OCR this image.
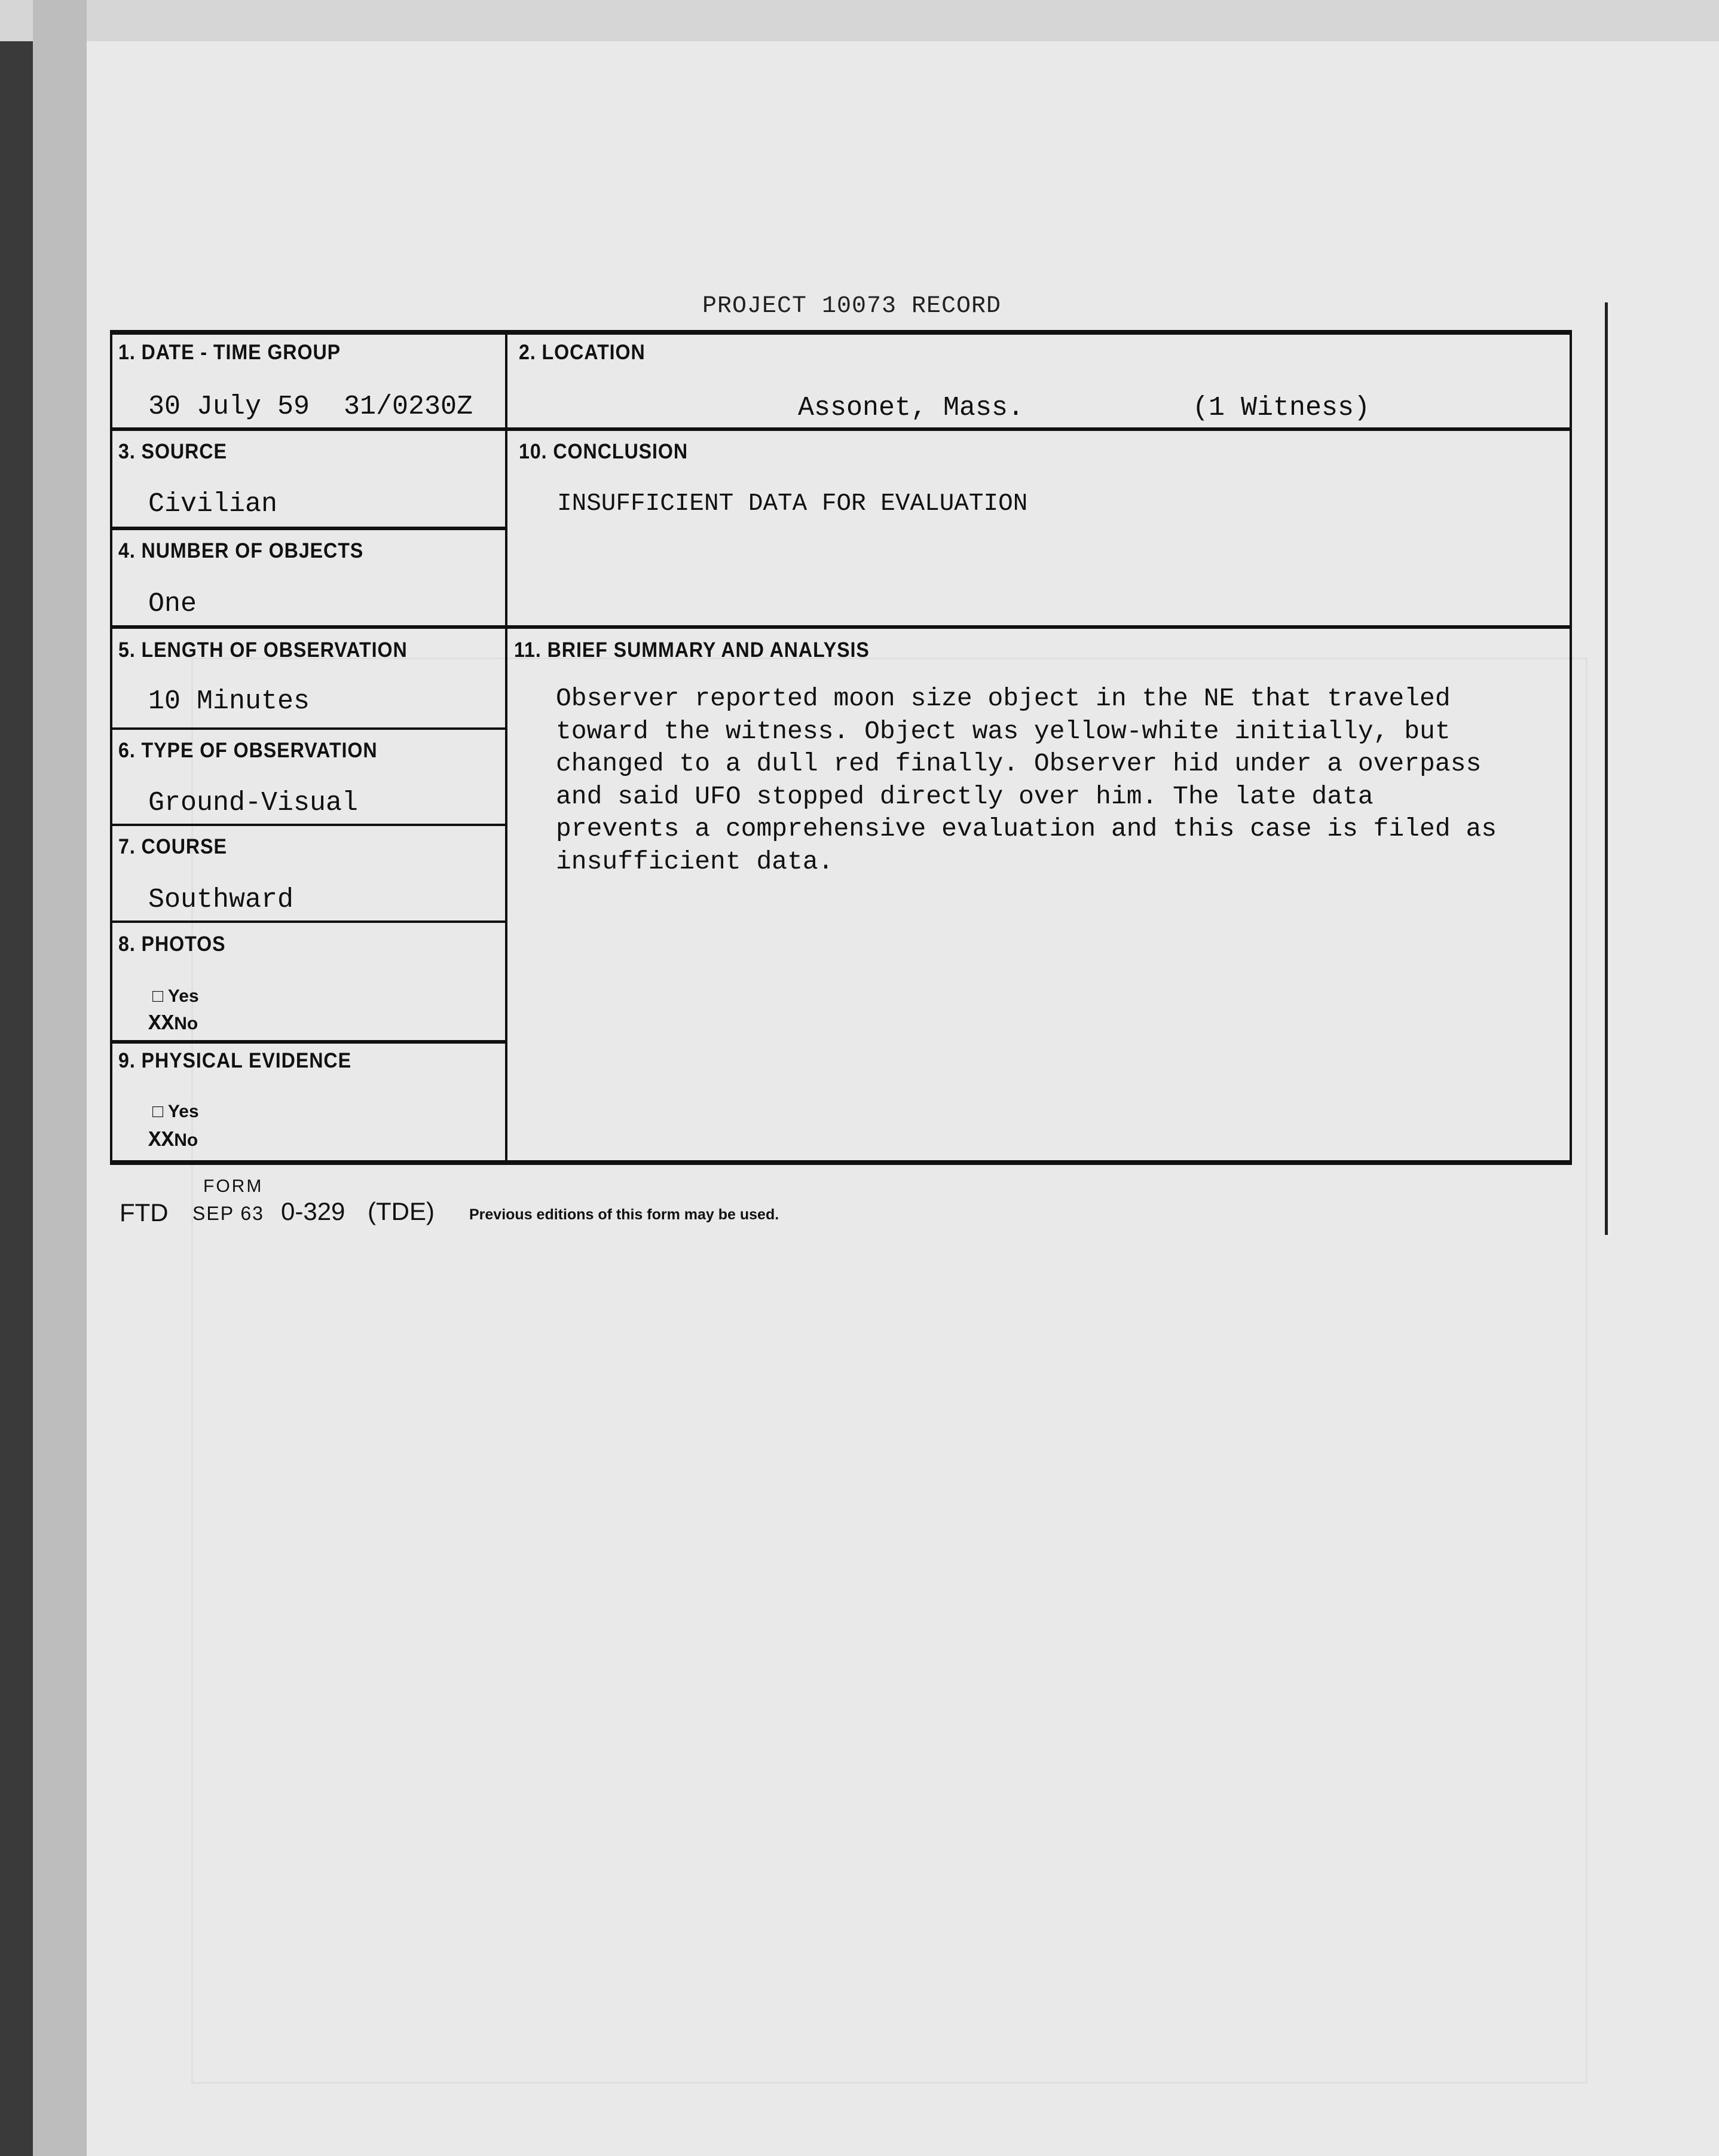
PROJECT 10073 RECORD
1. DATE - TIME GROUP
30 July 59 31/0230Z
2. LOCATION
Assonet, Mass.	(1 Witness)
3. SOURCE
Civilian
10. CONCLUSION
INSUFFICIENT DATA FOR EVALUATION
4. NUMBER OF OBJECTS
One
5. LENGTH OF OBSERVATION
10 Minutes
11. BRIEF SUMMARY AND ANALYSIS
Observer reported moon size object in the NE that traveled
toward the witness. Object was yellow-white initially, but
changed to a dull red finally. Observer hid under a overpass
and said UFO stopped directly over him. The late data
prevents a comprehensive evaluation and this case is filed as
insufficient data.
6. TYPE OF OBSERVATION
Ground-Visual
7. COURSE
Southward
8. PHOTOS
□ Yes
XXNo
9. PHYSICAL EVIDENCE
□ Yes
XXNo
FORM
FTD SEP 63 0-329 (TDE) Previous editions of this form may be used.
